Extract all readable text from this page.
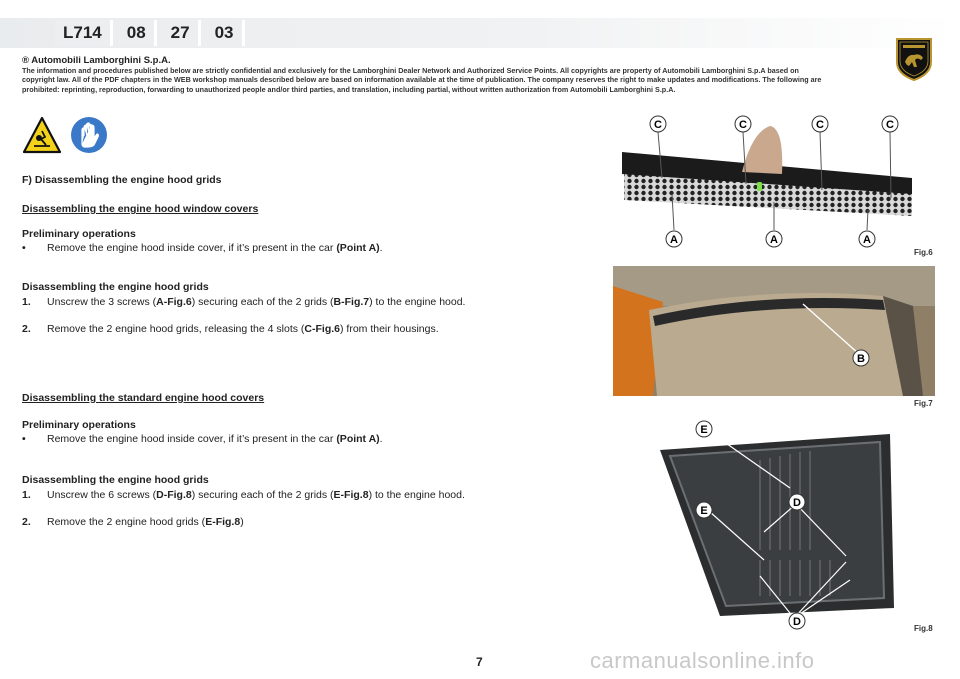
L714	08	27	03
® Automobili Lamborghini S.p.A.
The information and procedures published below are strictly confidential and exclusively for the Lamborghini Dealer Network and Authorized Service Points. All copyrights are property of Automobili Lamborghini S.p.A based on copyright law. All of the PDF chapters in the WEB workshop manuals described below are based on information available at the time of publication. The company reserves the right to make updates and modifications. The following are prohibited: reprinting, reproduction, forwarding to unauthorized people and/or third parties, and translation, including partial, without written authorization from Automobili Lamborghini S.p.A.
F) Disassembling the engine hood grids
Disassembling the engine hood window covers
Preliminary operations
• Remove the engine hood inside cover, if it’s present in the car (Point A).
Disassembling the engine hood grids
1. Unscrew the 3 screws (A-Fig.6) securing each of the 2 grids (B-Fig.7) to the engine hood.
2. Remove the 2 engine hood grids, releasing the 4 slots (C-Fig.6) from their housings.
Disassembling the standard engine hood covers
Preliminary operations
• Remove the engine hood inside cover, if it’s present in the car (Point A).
Disassembling the engine hood grids
1. Unscrew the 6 screws (D-Fig.8) securing each of the 2 grids (E-Fig.8) to the engine hood.
2. Remove the 2 engine hood grids (E-Fig.8)
C	C	C	C
A	A	A
Fig.6
B
Fig.7
E
D
E
D
Fig.8
7	carmanualsonline.info
